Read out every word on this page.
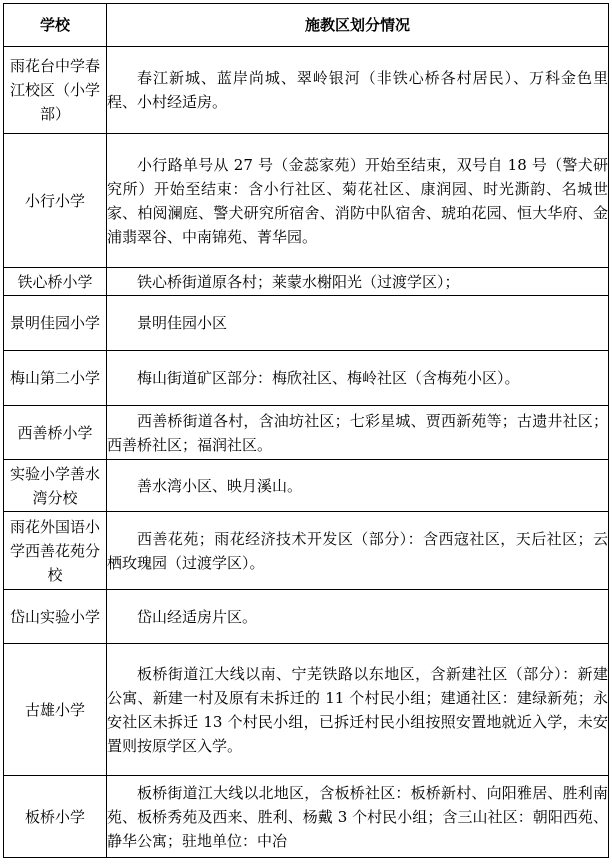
学校	施教区划分情况
雨花台中学春江校区（小学部）	春江新城、蓝岸尚城、翠岭银河（非铁心桥各村居民）、万科金色里程、小村经适房。

小行小学	小行路单号从 27 号（金蕊家苑）开始至结束，双号自 18 号（警犬研究所）开始至结束：含小行社区、菊花社区、康润园、时光澌韵、名城世家、柏阅澜庭、警犬研究所宿舍、消防中队宿舍、琥珀花园、恒大华府、金浦翡翠谷、中南锦苑、菁华园。

铁心桥小学	铁心桥街道原各村；莱蒙水榭阳光（过渡学区）；

景明佳园小学	景明佳园小区

梅山第二小学	梅山街道矿区部分：梅欣社区、梅岭社区（含梅苑小区）。

西善桥小学	西善桥街道各村，含油坊社区；七彩星城、贾西新苑等；古遗井社区；西善桥社区；福润社区。

实验小学善水湾分校	善水湾小区、映月溪山。

雨花外国语小学西善花苑分校	西善花苑；雨花经济技术开发区（部分）：含西寇社区，天后社区；云栖玫瑰园（过渡学区）。

岱山实验小学	岱山经适房片区。

古雄小学	板桥街道江大线以南、宁芜铁路以东地区，含新建社区（部分）：新建公寓、新建一村及原有未拆迁的 11 个村民小组；建通社区：建绿新苑；永安社区未拆迁 13 个村民小组，已拆迁村民小组按照安置地就近入学，未安置则按原学区入学。

板桥小学	板桥街道江大线以北地区，含板桥社区：板桥新村、向阳雅居、胜利南苑、板桥秀苑及西来、胜利、杨戴 3 个村民小组；含三山社区：朝阳西苑、静华公寓；驻地单位：中冶
